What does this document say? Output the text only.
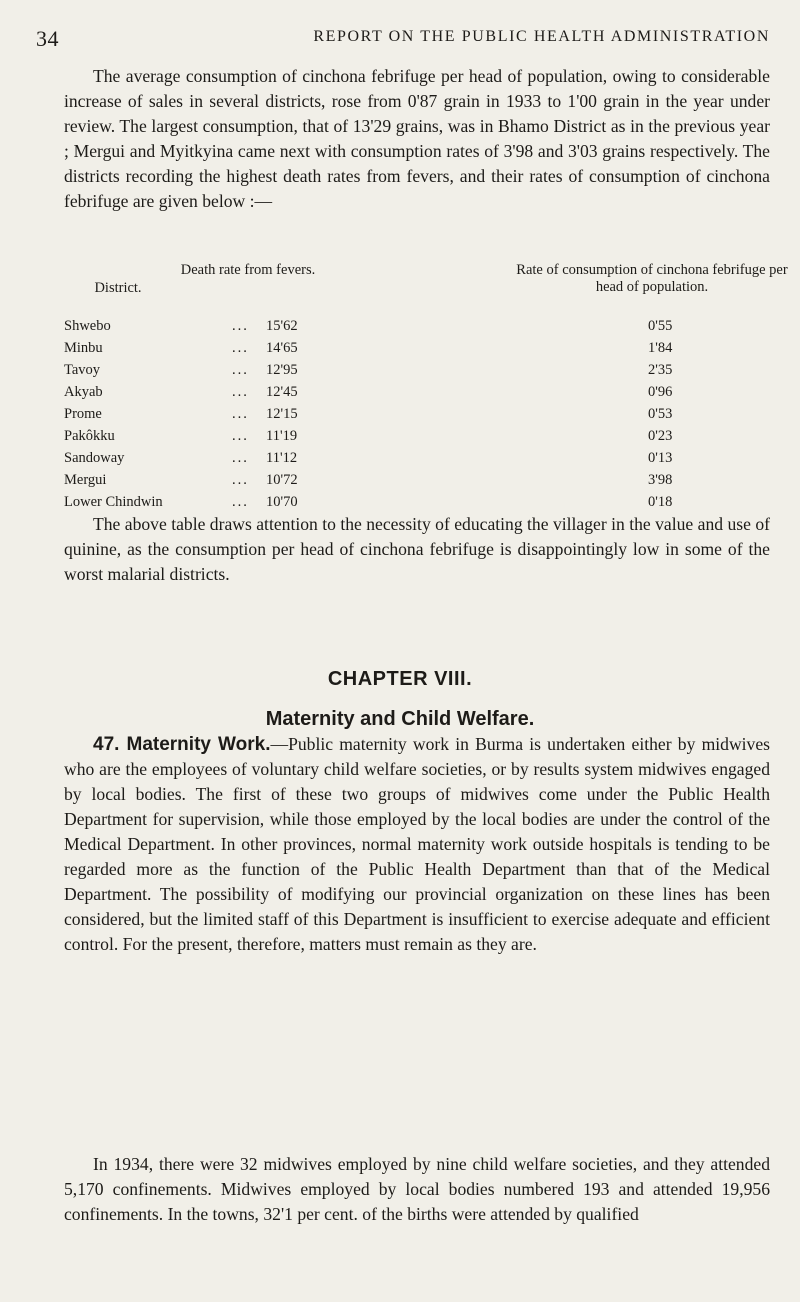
34	REPORT ON THE PUBLIC HEALTH ADMINISTRATION

The average consumption of cinchona febrifuge per head of population, owing to considerable increase of sales in several districts, rose from 0'87 grain in 1933 to 1'00 grain in the year under review. The largest consumption, that of 13'29 grains, was in Bhamo District as in the previous year ; Mergui and Myitkyina came next with consumption rates of 3'98 and 3'03 grains respectively. The districts recording the highest death rates from fevers, and their rates of consumption of cinchona febrifuge are given below :—

District.
Death rate from fevers.	Rate of consumption of cinchona febrifuge per head of population.
Shwebo	... 15'62	0'55
Minbu	... 14'65	1'84
Tavoy	... 12'95	2'35
Akyab	... 12'45	0'96
Prome	... 12'15	0'53
Pakôkku	... 11'19	0'23
Sandoway	... 11'12	0'13
Mergui	... 10'72	3'98
Lower Chindwin	... 10'70	0'18

The above table draws attention to the necessity of educating the villager in the value and use of quinine, as the consumption per head of cinchona febrifuge is disappointingly low in some of the worst malarial districts.

CHAPTER VIII.
Maternity and Child Welfare.

47. Maternity Work.—Public maternity work in Burma is undertaken either by midwives who are the employees of voluntary child welfare societies, or by results system midwives engaged by local bodies. The first of these two groups of midwives come under the Public Health Department for supervision, while those employed by the local bodies are under the control of the Medical Department. In other provinces, normal maternity work outside hospitals is tending to be regarded more as the function of the Public Health Department than that of the Medical Department. The possibility of modifying our provincial organization on these lines has been considered, but the limited staff of this Department is insufficient to exercise adequate and efficient control. For the present, therefore, matters must remain as they are.

In 1934, there were 32 midwives employed by nine child welfare societies, and they attended 5,170 confinements. Midwives employed by local bodies numbered 193 and attended 19,956 confinements. In the towns, 32'1 per cent. of the births were attended by qualified
